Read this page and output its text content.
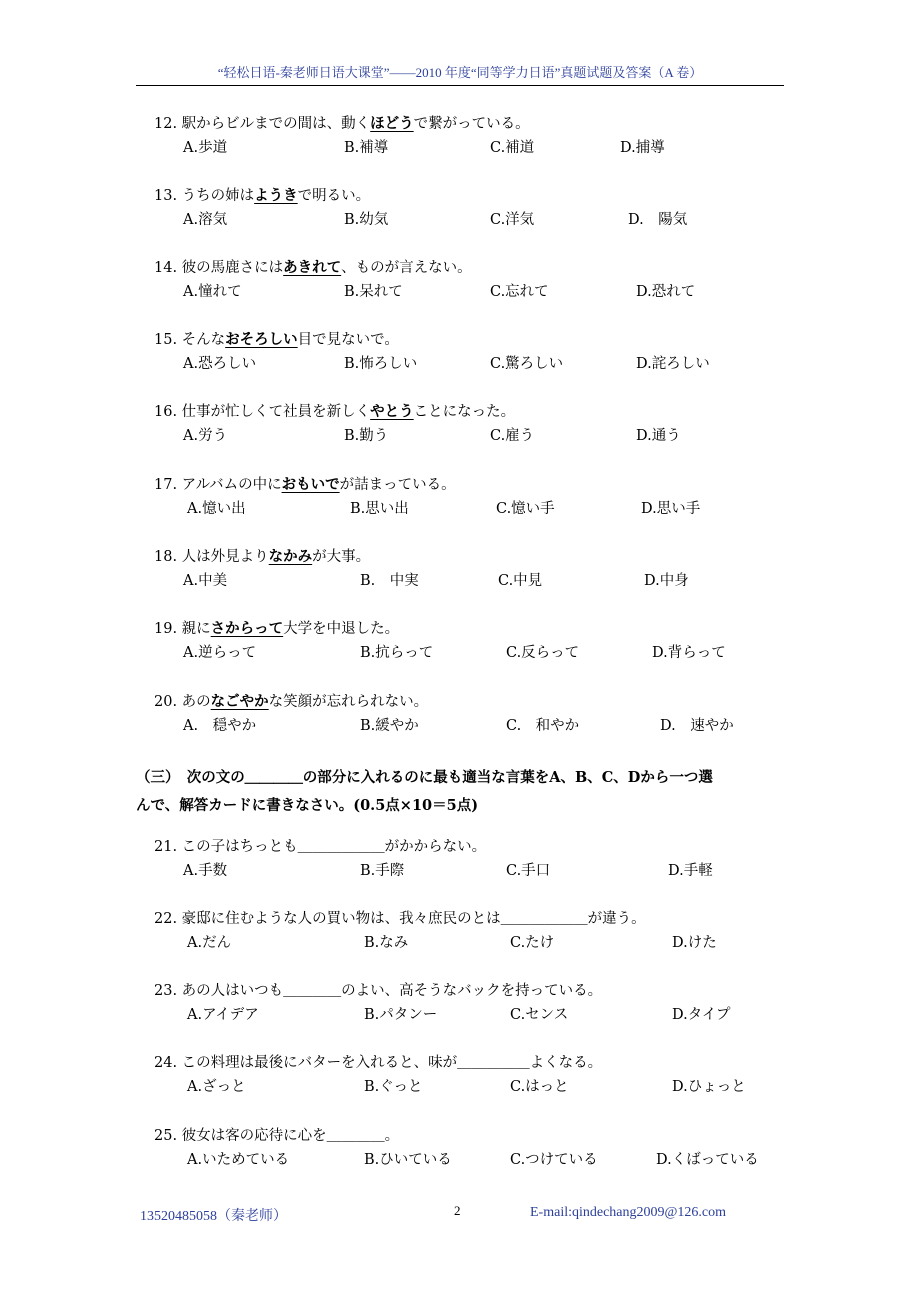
“轻松日语-秦老师日语大课堂”——2010 年度“同等学力日语”真题试题及答案（A 卷）
12. 駅からビルまでの間は、動くほどうで繋がっている。
A.歩道	B.補導	C.補道	D.捕導
13. うちの姉はようきで明るい。
A.溶気	B.幼気	C.洋気	D.　陽気
14. 彼の馬鹿さにはあきれて、ものが言えない。
A.憧れて	B.呆れて	C.忘れて	D.恐れて
15. そんなおそろしい目で見ないで。
A.恐ろしい	B.怖ろしい	C.驚ろしい	D.詫ろしい
16. 仕事が忙しくて社員を新しくやとうことになった。
A.労う	B.勤う	C.雇う	D.通う
17. アルバムの中におもいでが詰まっている。
A.憶い出	B.思い出	C.憶い手	D.思い手
18. 人は外見よりなかみが大事。
A.中美	B.　中実	C.中見	D.中身
19. 親にさからって大学を中退した。
A.逆らって	B.抗らって	C.反らって	D.背らって
20. あのなごやかな笑顔が忘れられない。
A.　穏やか	B.緩やか	C.　和やか	D.　速やか
（三）　次の文の＿＿＿＿の部分に入れるのに最も適当な言葉をA、B、C、Dから一つ選
んで、解答カードに書きなさい。(0.5点×10＝5点)
21. この子はちっとも＿＿＿＿＿＿がかからない。
A.手数	B.手際	C.手口	D.手軽
22. 豪邸に住むような人の買い物は、我々庶民のとは＿＿＿＿＿＿が違う。
A.だん	B.なみ	C.たけ	D.けた
23. あの人はいつも＿＿＿＿のよい、高そうなバックを持っている。
A.アイデア	B.パタンー	C.センス	D.タイプ
24. この料理は最後にバターを入れると、味が＿＿＿＿＿よくなる。
A.ざっと	B.ぐっと	C.はっと	D.ひょっと
25. 彼女は客の応待に心を＿＿＿＿。
A.いためている	B.ひいている	C.つけている	D.くばっている
13520485058（秦老师）	2	E-mail:qindechang2009@126.com
